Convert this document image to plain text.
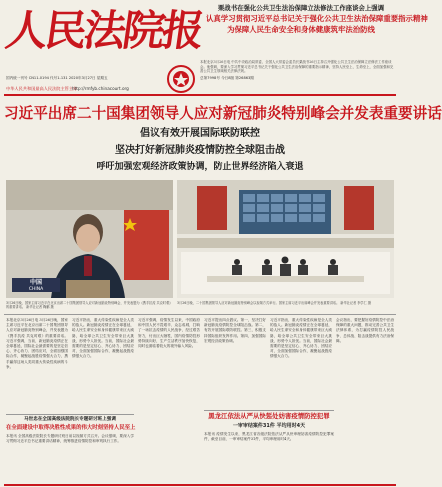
人民法院报
国内统一刊号 CN11-0194 代号1-131 2020年3月27日 星期五	总第7998号 今日8版 第26863期
中华人民共和国最高人民法院主管主办
http://rmfyb.chinacourt.org
栗战书在强化公共卫生法治保障立法修法工作座谈会上强调
认真学习贯彻习近平总书记关于强化公共卫生法治保障重要指示精神
为保障人民生命安全和身体健康筑牢法治防线
本报北京3月26日电 中共中央政治局常委、全国人大常委会委员长栗战书26日主持召开强化公共卫生法治保障立法修法工作座谈会。他强调，要深入学习贯彻习近平总书记关于强化公共卫生法治保障的重要指示精神，坚持人民至上、生命至上，全面加强和完善公共卫生领域相关法律法规。
习近平出席二十国集团领导人应对新冠肺炎特别峰会并发表重要讲话
倡议有效开展国际联防联控
坚决打好新冠肺炎疫情防控全球阻击战
呼吁加强宏观经济政策协调，防止世界经济陷入衰退
中国
CHINA
3月26日晚，国家主席习近平在北京出席二十国集团领导人应对新冠肺炎特别峰会，并发表题为《携手抗疫 共克时艰》的重要讲话。 新华社记者 鞠鹏 摄
3月26日晚，二十国集团领导人应对新冠肺炎特别峰会以视频方式举行。国家主席习近平出席峰会并发表重要讲话。 新华社记者 李学仁 摄
本报北京3月26日电 3月26日晚，国家主席习近平在北京出席二十国集团领导人应对新冠肺炎特别峰会，并发表题为《携手抗疫 共克时艰》的重要讲话。习近平强调，当前，新冠肺炎疫情正在全球蔓延，国际社会最需要的是坚定信心、齐心协力、团结应对，全面加强国际合作，凝聚起战胜疫情强大合力，携手赢得这场人类同重大传染性疾病的斗争。
习近平指出，重大传染性疾病是全人类的敌人。新冠肺炎疫情正在全球蔓延，给人民生命安全和身体健康带来巨大威胁，给全球公共卫生安全带来巨大挑战，形势令人担忧。当前，国际社会最需要的是坚定信心、齐心协力、团结应对，全面加强国际合作，凝聚起战胜疫情强大合力。
习近平强调，疫情发生以来，中国政府和中国人民不畏艰辛、众志成城，打响了一场抗击疫情的人民战争，经过艰苦努力，付出巨大牺牲，国内疫情防控形势持续向好，生产生活秩序加快恢复，同时也面临着较大的境外输入风险。
习近平提出四点倡议。第一，坚决打好新冠肺炎疫情防控全球阻击战。第二，有效开展国际联防联控。第三，积极支持国际组织发挥作用。第四，加强国际宏观经济政策协调。
习近平指出，重大传染性疾病是全人类的敌人。新冠肺炎疫情正在全球蔓延，给人民生命安全和身体健康带来巨大威胁，给全球公共卫生安全带来巨大挑战，形势令人担忧。当前，国际社会最需要的是坚定信心、齐心协力、团结应对，全面加强国际合作，凝聚起战胜疫情强大合力。
会议指出，要把握好疫情防控中法治保障的重大问题，推动完善公共卫生法律体系，为打赢疫情防控人民战争、总体战、阻击战提供有力法治保障。
马世忠在全国高级法院院长专题研讨班上强调
在全面建设中取得决胜性成果的伟大时刻坚持人民至上
本报讯 全国高级法院院长专题研讨班日前以视频方式召开。会议强调，要深入学习贯彻习近平总书记重要讲话精神，统筹推进疫情防控和审判执行工作。
黑龙江依法从严从快惩处妨害疫情防控犯罪
一审审结案件31件 平均用时4天
本报讯 疫情发生以来，黑龙江省各级法院依法从严从快审理妨害疫情防控犯罪案件，截至目前，一审审结案件31件，平均审理用时4天。
